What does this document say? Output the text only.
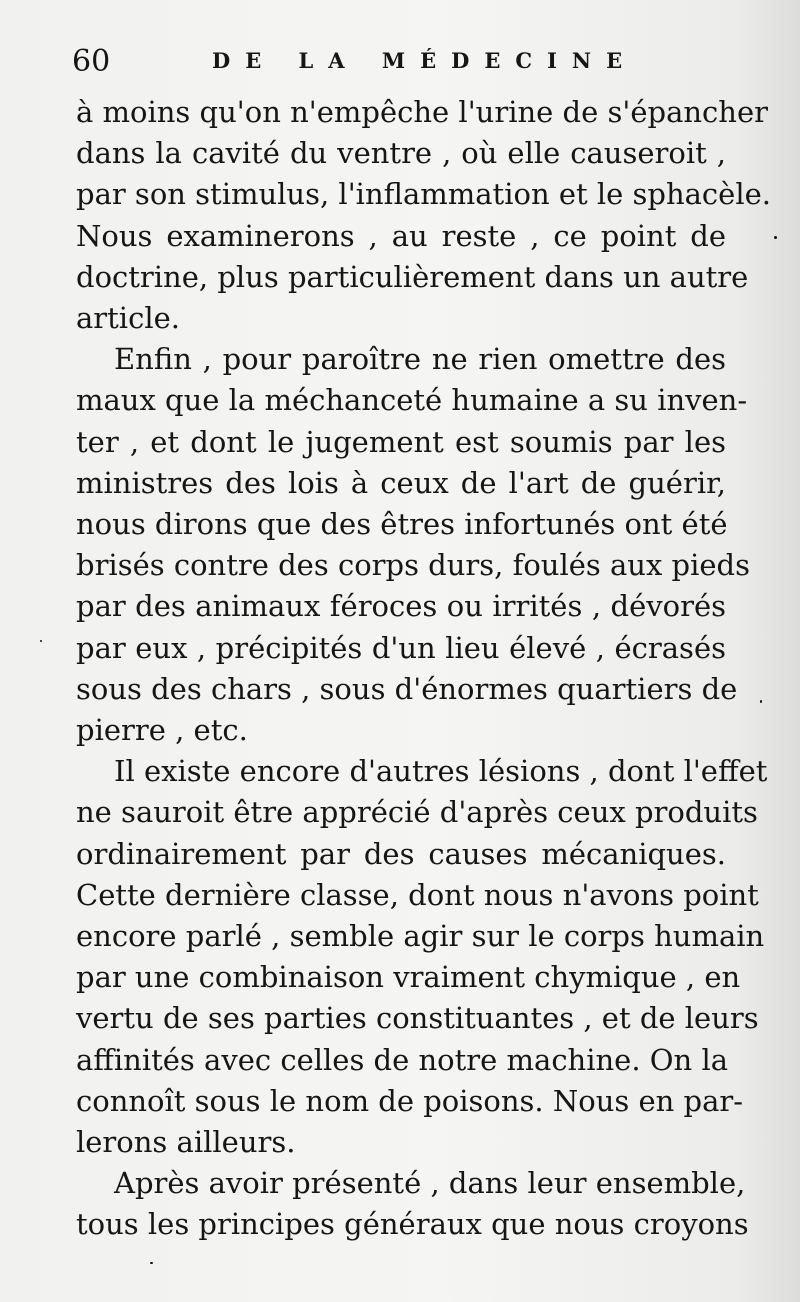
60	DE LA MÉDECINE

à moins qu'on n'empêche l'urine de s'épancher
dans la cavité du ventre , où elle causeroit ,
par son stimulus, l'inflammation et le sphacèle.
Nous examinerons , au reste , ce point de
doctrine, plus particulièrement dans un autre
article.

Enfin , pour paroître ne rien omettre des
maux que la méchanceté humaine a su inven-
ter , et dont le jugement est soumis par les
ministres des lois à ceux de l'art de guérir,
nous dirons que des êtres infortunés ont été
brisés contre des corps durs, foulés aux pieds
par des animaux féroces ou irrités , dévorés
par eux , précipités d'un lieu élevé , écrasés
sous des chars , sous d'énormes quartiers de
pierre , etc.

Il existe encore d'autres lésions , dont l'effet
ne sauroit être apprécié d'après ceux produits
ordinairement par des causes mécaniques.
Cette dernière classe, dont nous n'avons point
encore parlé , semble agir sur le corps humain
par une combinaison vraiment chymique , en
vertu de ses parties constituantes , et de leurs
affinités avec celles de notre machine. On la
connoît sous le nom de poisons. Nous en par-
lerons ailleurs.

Après avoir présenté , dans leur ensemble,
tous les principes généraux que nous croyons
